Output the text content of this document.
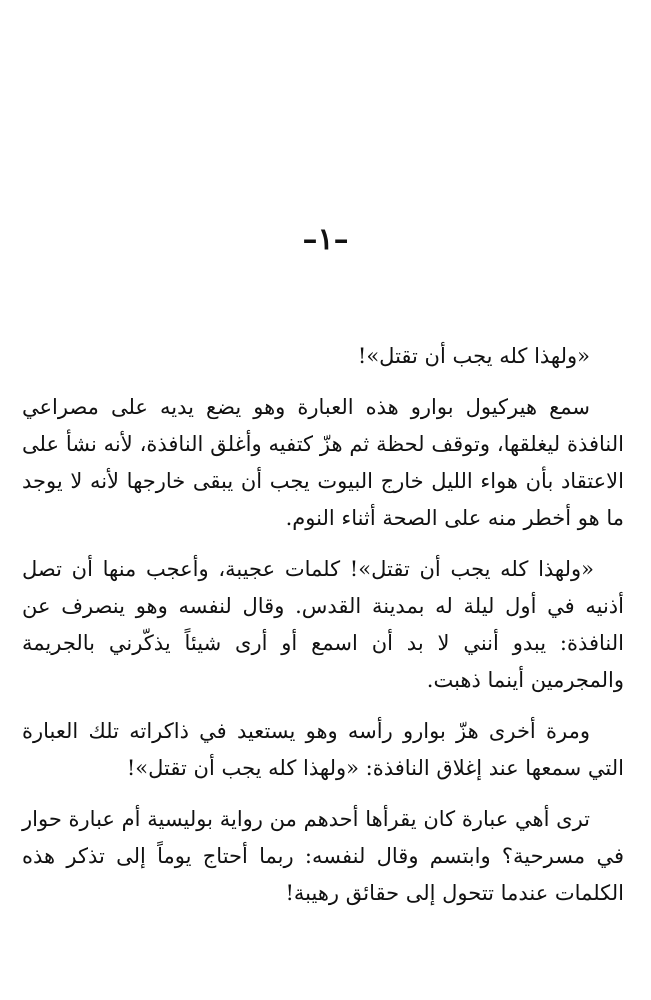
–١–

«ولهذا كله يجب أن تقتل»!

سمع هيركيول بوارو هذه العبارة وهو يضع يديه على مصراعي النافذة ليغلقها، وتوقف لحظة ثم هزّ كتفيه وأغلق النافذة، لأنه نشأ على الاعتقاد بأن هواء الليل خارج البيوت يجب أن يبقى خارجها لأنه لا يوجد ما هو أخطر منه على الصحة أثناء النوم.

«ولهذا كله يجب أن تقتل»! كلمات عجيبة، وأعجب منها أن تصل أذنيه في أول ليلة له بمدينة القدس. وقال لنفسه وهو ينصرف عن النافذة: يبدو أنني لا بد أن اسمع أو أرى شيئاً يذكّرني بالجريمة والمجرمين أينما ذهبت.

ومرة أخرى هزّ بوارو رأسه وهو يستعيد في ذاكراته تلك العبارة التي سمعها عند إغلاق النافذة: «ولهذا كله يجب أن تقتل»!

ترى أهي عبارة كان يقرأها أحدهم من رواية بوليسية أم عبارة حوار في مسرحية؟ وابتسم وقال لنفسه: ربما أحتاج يوماً إلى تذكر هذه الكلمات عندما تتحول إلى حقائق رهيبة!
